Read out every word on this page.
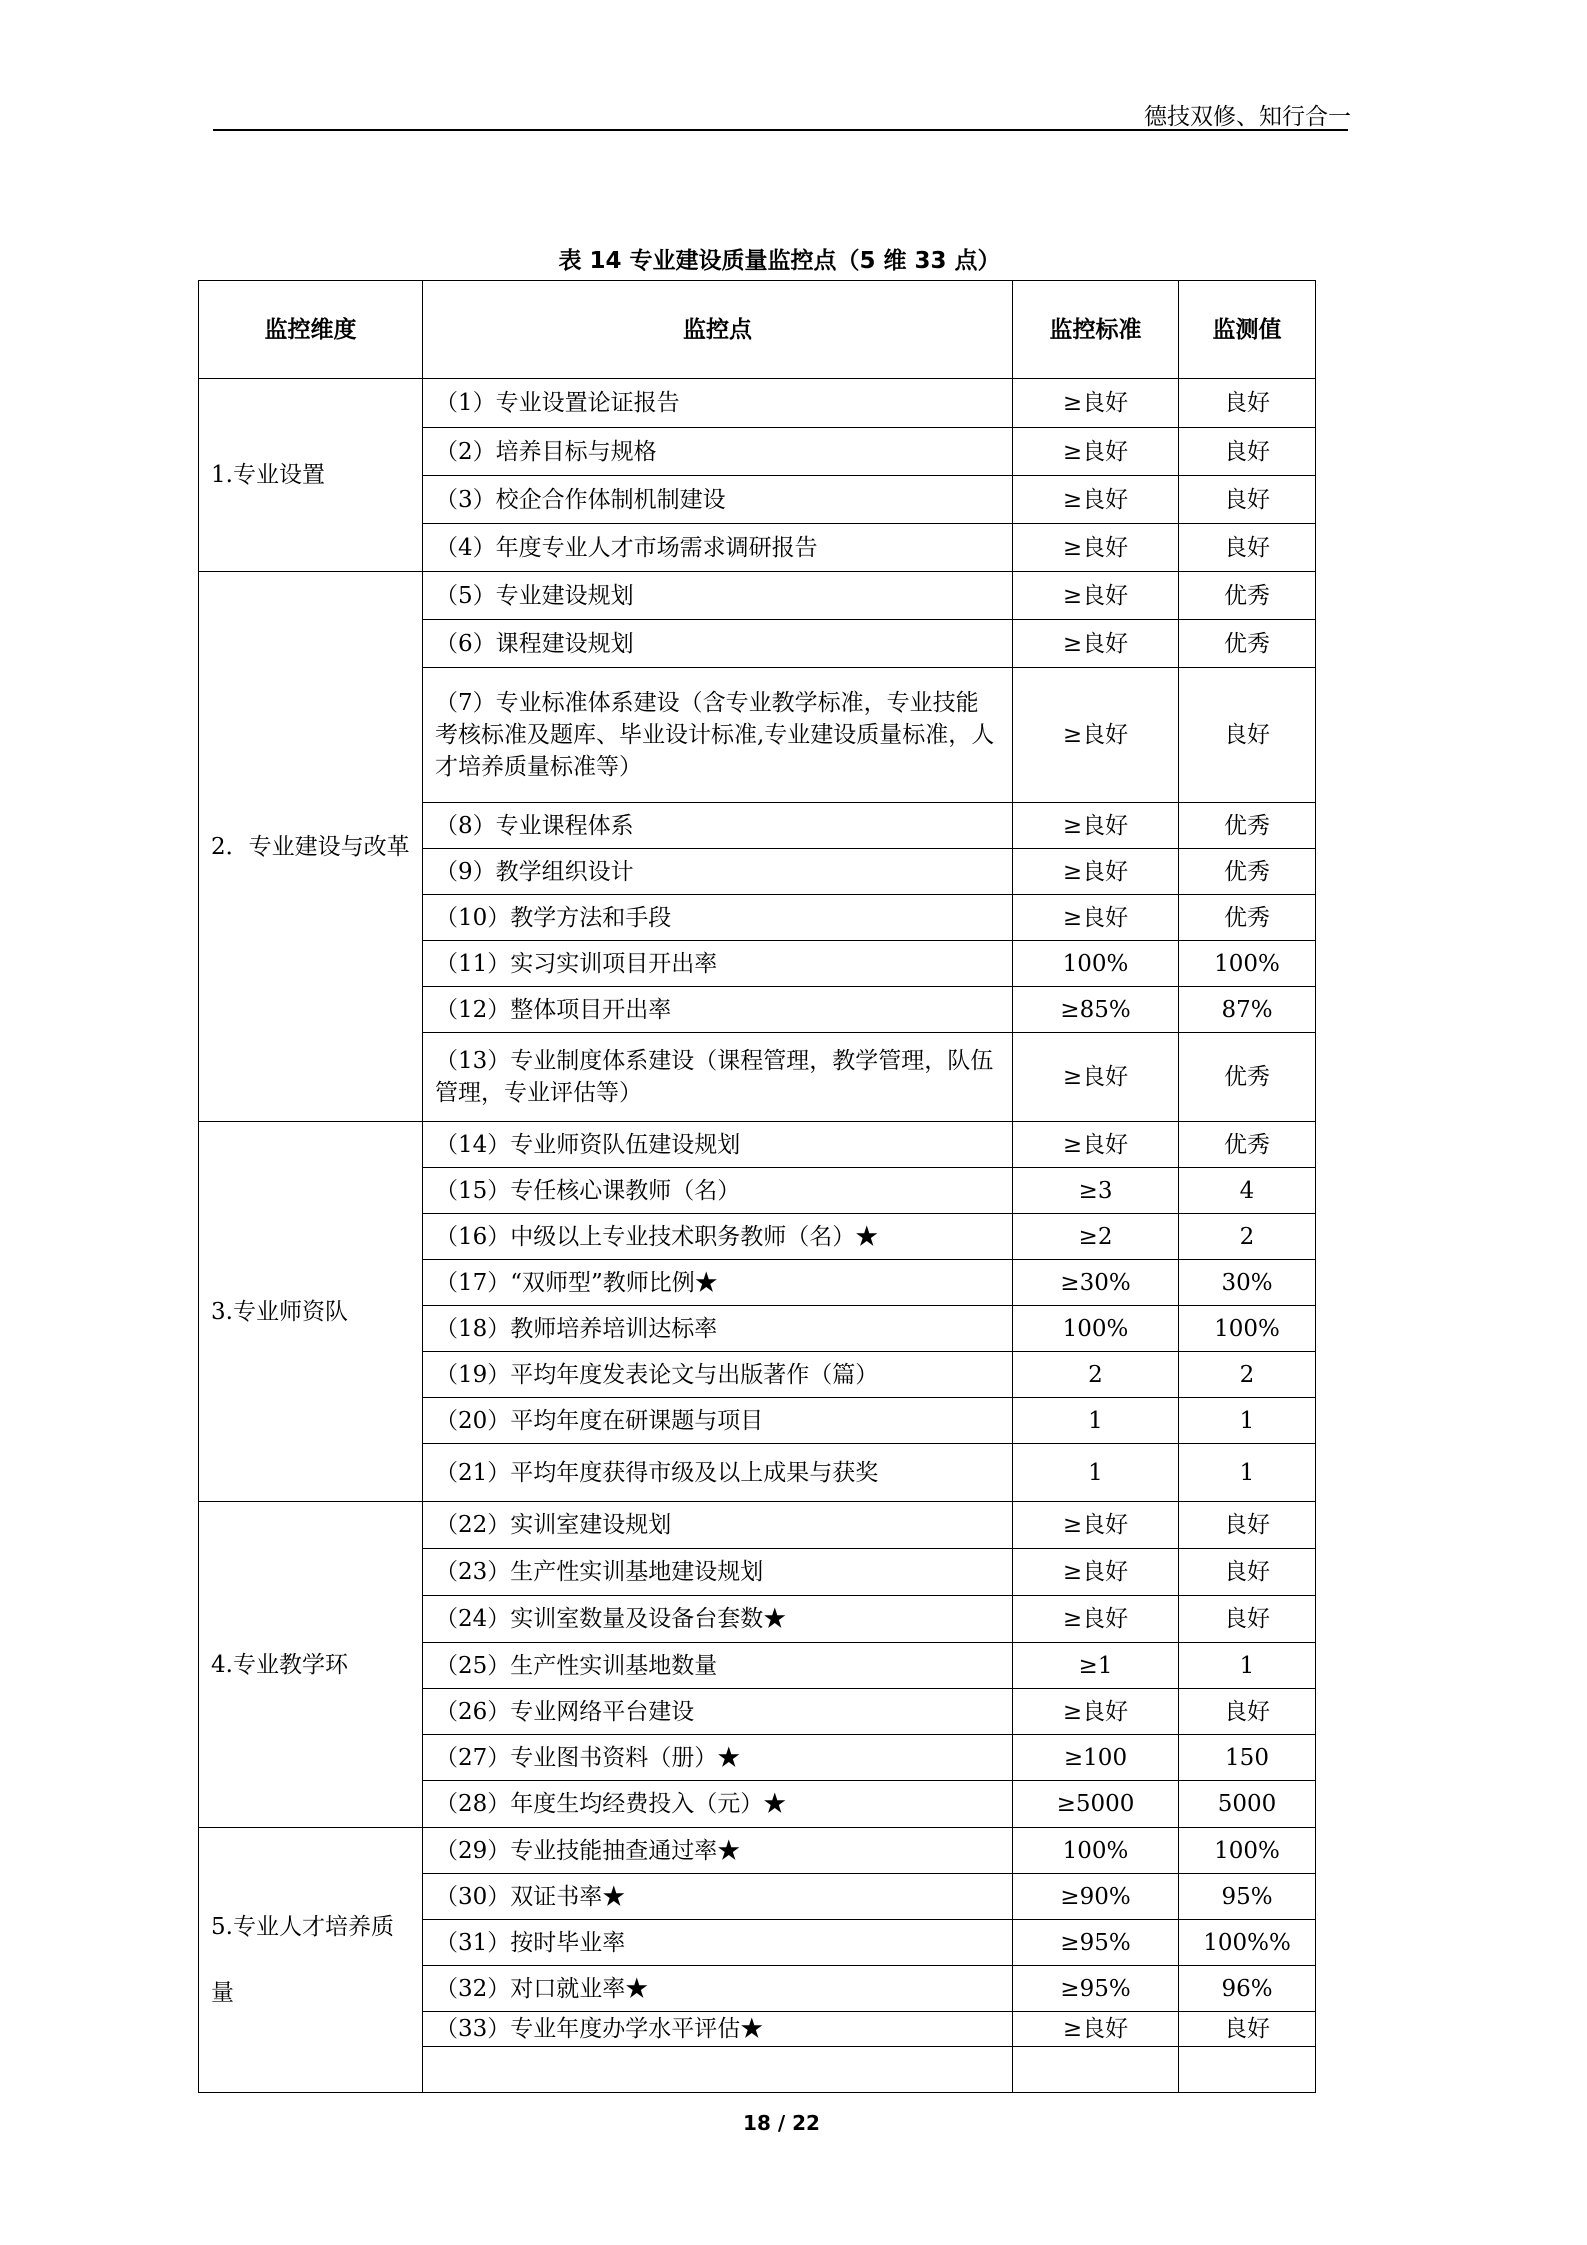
德技双修、知行合一
表 14 专业建设质量监控点（5 维 33 点）
监控维度	监控点	监控标准	监测值
1.专业设置	（1）专业设置论证报告	≥良好	良好
	（2）培养目标与规格	≥良好	良好
	（3）校企合作体制机制建设	≥良好	良好
	（4）年度专业人才市场需求调研报告	≥良好	良好
2．专业建设与改革	（5）专业建设规划	≥良好	优秀
	（6）课程建设规划	≥良好	优秀
	（7）专业标准体系建设（含专业教学标准，专业技能考核标准及题库、毕业设计标准,专业建设质量标准，人才培养质量标准等）	≥良好	良好
	（8）专业课程体系	≥良好	优秀
	（9）教学组织设计	≥良好	优秀
	（10）教学方法和手段	≥良好	优秀
	（11）实习实训项目开出率	100%	100%
	（12）整体项目开出率	≥85%	87%
	（13）专业制度体系建设（课程管理，教学管理，队伍管理，专业评估等）	≥良好	优秀
3.专业师资队	（14）专业师资队伍建设规划	≥良好	优秀
	（15）专任核心课教师（名）	≥3	4
	（16）中级以上专业技术职务教师（名）★	≥2	2
	（17）“双师型”教师比例★	≥30%	30%
	（18）教师培养培训达标率	100%	100%
	（19）平均年度发表论文与出版著作（篇）	2	2
	（20）平均年度在研课题与项目	1	1
	（21）平均年度获得市级及以上成果与获奖	1	1
4.专业教学环	（22）实训室建设规划	≥良好	良好
	（23）生产性实训基地建设规划	≥良好	良好
	（24）实训室数量及设备台套数★	≥良好	良好
	（25）生产性实训基地数量	≥1	1
	（26）专业网络平台建设	≥良好	良好
	（27）专业图书资料（册）★	≥100	150
	（28）年度生均经费投入（元）★	≥5000	5000
5.专业人才培养质量	（29）专业技能抽查通过率★	100%	100%
	（30）双证书率★	≥90%	95%
	（31）按时毕业率	≥95%	100%%
	（32）对口就业率★	≥95%	96%
	（33）专业年度办学水平评估★	≥良好	良好

18 / 22
